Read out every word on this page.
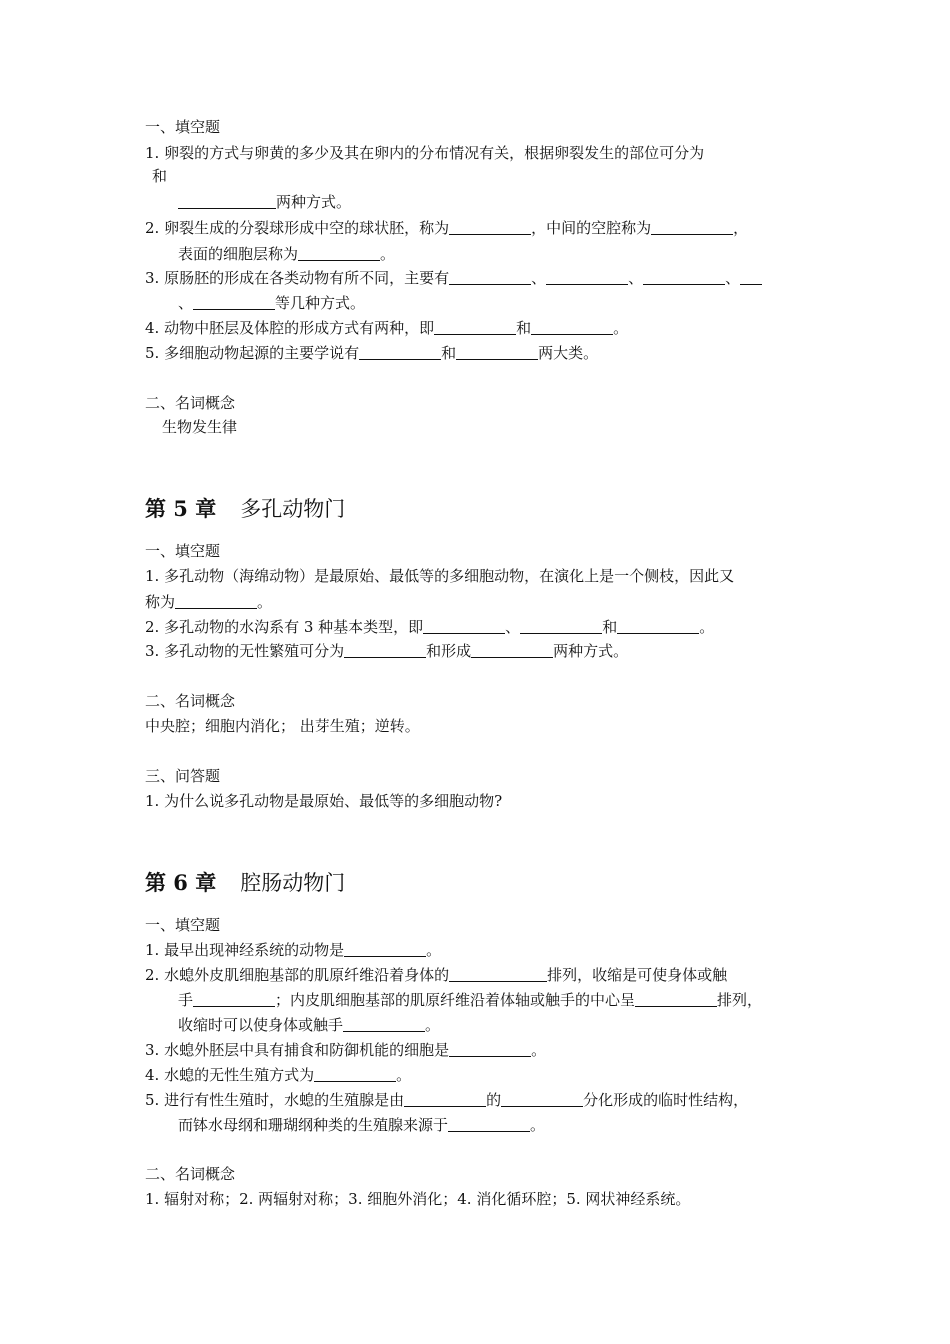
一、填空题
1. 卵裂的方式与卵黄的多少及其在卵内的分布情况有关，根据卵裂发生的部位可分为
和
两种方式。
2. 卵裂生成的分裂球形成中空的球状胚，称为	，中间的空腔称为	，
表面的细胞层称为	。
3. 原肠胚的形成在各类动物有所不同，主要有	、	、	、
、	等几种方式。
4. 动物中胚层及体腔的形成方式有两种，即	和	。
5. 多细胞动物起源的主要学说有	和	两大类。
二、名词概念
生物发生律
第 5 章 多孔动物门
一、填空题
1. 多孔动物（海绵动物）是最原始、最低等的多细胞动物，在演化上是一个侧枝，因此又
称为	。
2. 多孔动物的水沟系有 3 种基本类型，即	、	和	。
3. 多孔动物的无性繁殖可分为	和形成	两种方式。
二、名词概念
中央腔；细胞内消化； 出芽生殖；逆转。
三、问答题
1. 为什么说多孔动物是最原始、最低等的多细胞动物?
第 6 章 腔肠动物门
一、填空题
1. 最早出现神经系统的动物是	。
2. 水螅外皮肌细胞基部的肌原纤维沿着身体的	排列，收缩是可使身体或触
手	；内皮肌细胞基部的肌原纤维沿着体轴或触手的中心呈	排列，
收缩时可以使身体或触手	。
3. 水螅外胚层中具有捕食和防御机能的细胞是	。
4. 水螅的无性生殖方式为	。
5. 进行有性生殖时，水螅的生殖腺是由	的	分化形成的临时性结构，
而钵水母纲和珊瑚纲种类的生殖腺来源于	。
二、名词概念
1. 辐射对称；2. 两辐射对称；3. 细胞外消化；4. 消化循环腔；5. 网状神经系统。
